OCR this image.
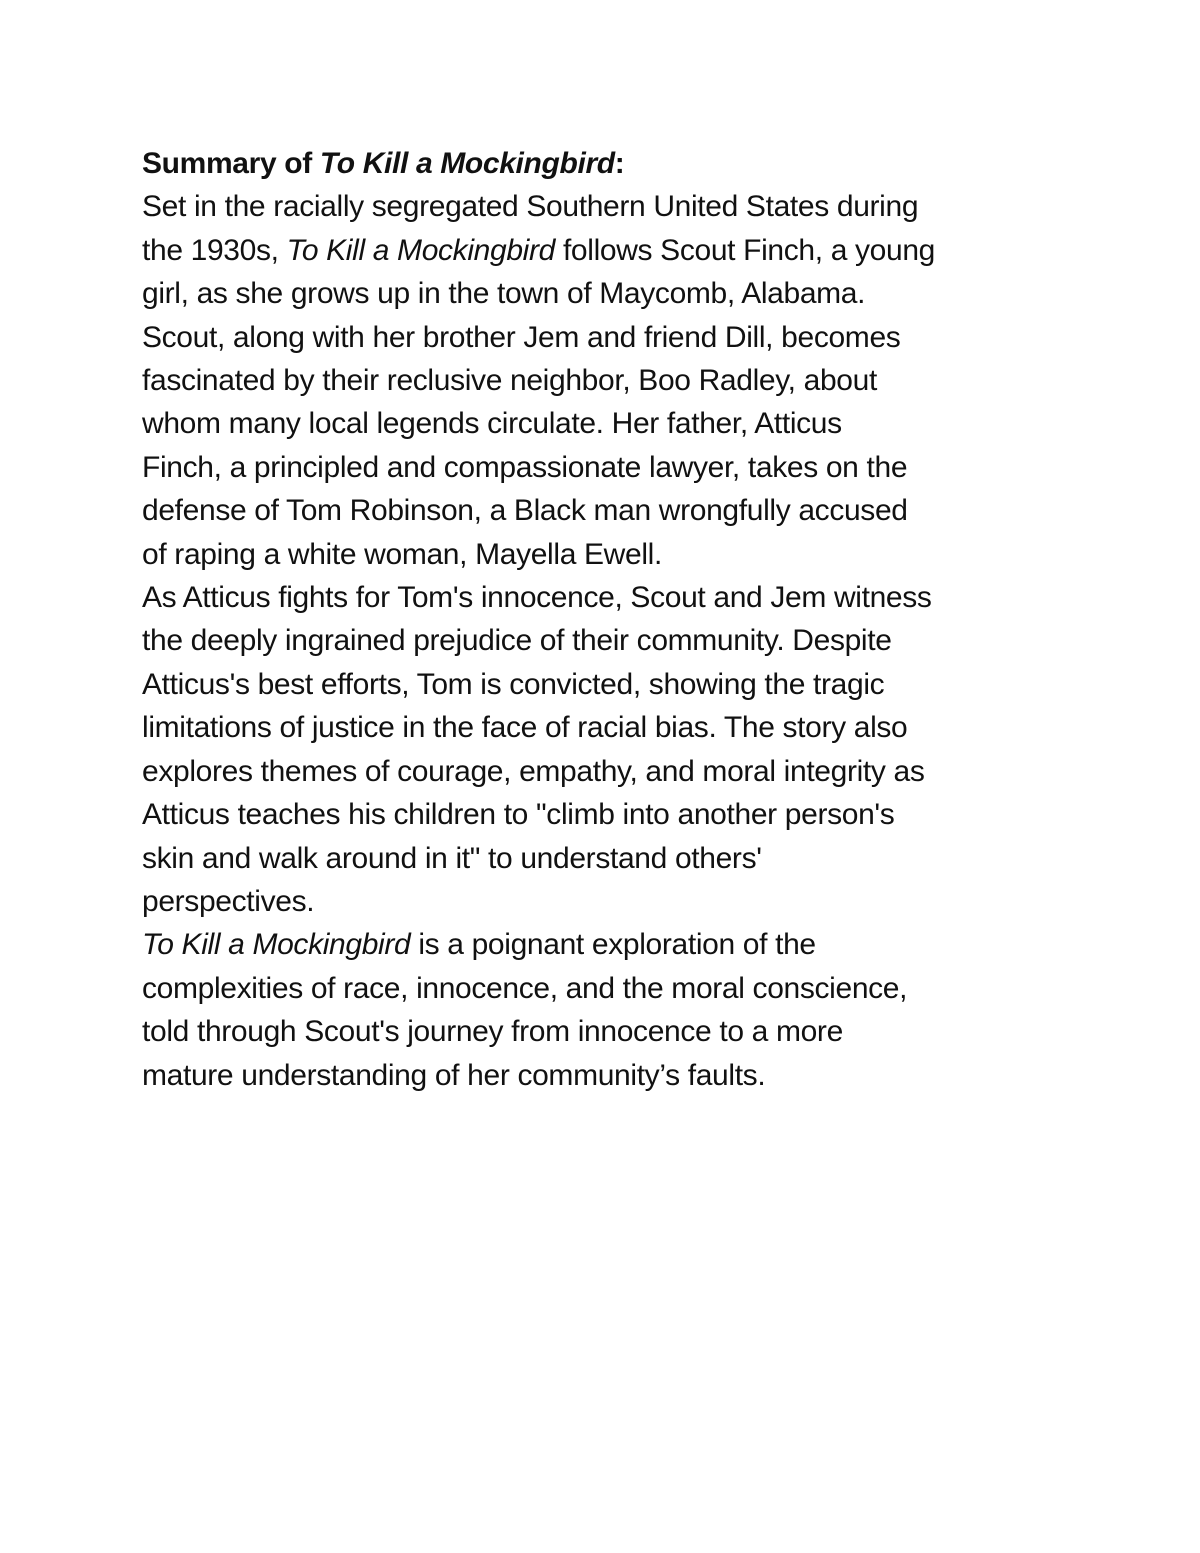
Summary of To Kill a Mockingbird:
Set in the racially segregated Southern United States during
the 1930s, To Kill a Mockingbird follows Scout Finch, a young
girl, as she grows up in the town of Maycomb, Alabama.
Scout, along with her brother Jem and friend Dill, becomes
fascinated by their reclusive neighbor, Boo Radley, about
whom many local legends circulate. Her father, Atticus
Finch, a principled and compassionate lawyer, takes on the
defense of Tom Robinson, a Black man wrongfully accused
of raping a white woman, Mayella Ewell.
As Atticus fights for Tom's innocence, Scout and Jem witness
the deeply ingrained prejudice of their community. Despite
Atticus's best efforts, Tom is convicted, showing the tragic
limitations of justice in the face of racial bias. The story also
explores themes of courage, empathy, and moral integrity as
Atticus teaches his children to "climb into another person's
skin and walk around in it" to understand others'
perspectives.
To Kill a Mockingbird is a poignant exploration of the
complexities of race, innocence, and the moral conscience,
told through Scout's journey from innocence to a more
mature understanding of her community’s faults.
